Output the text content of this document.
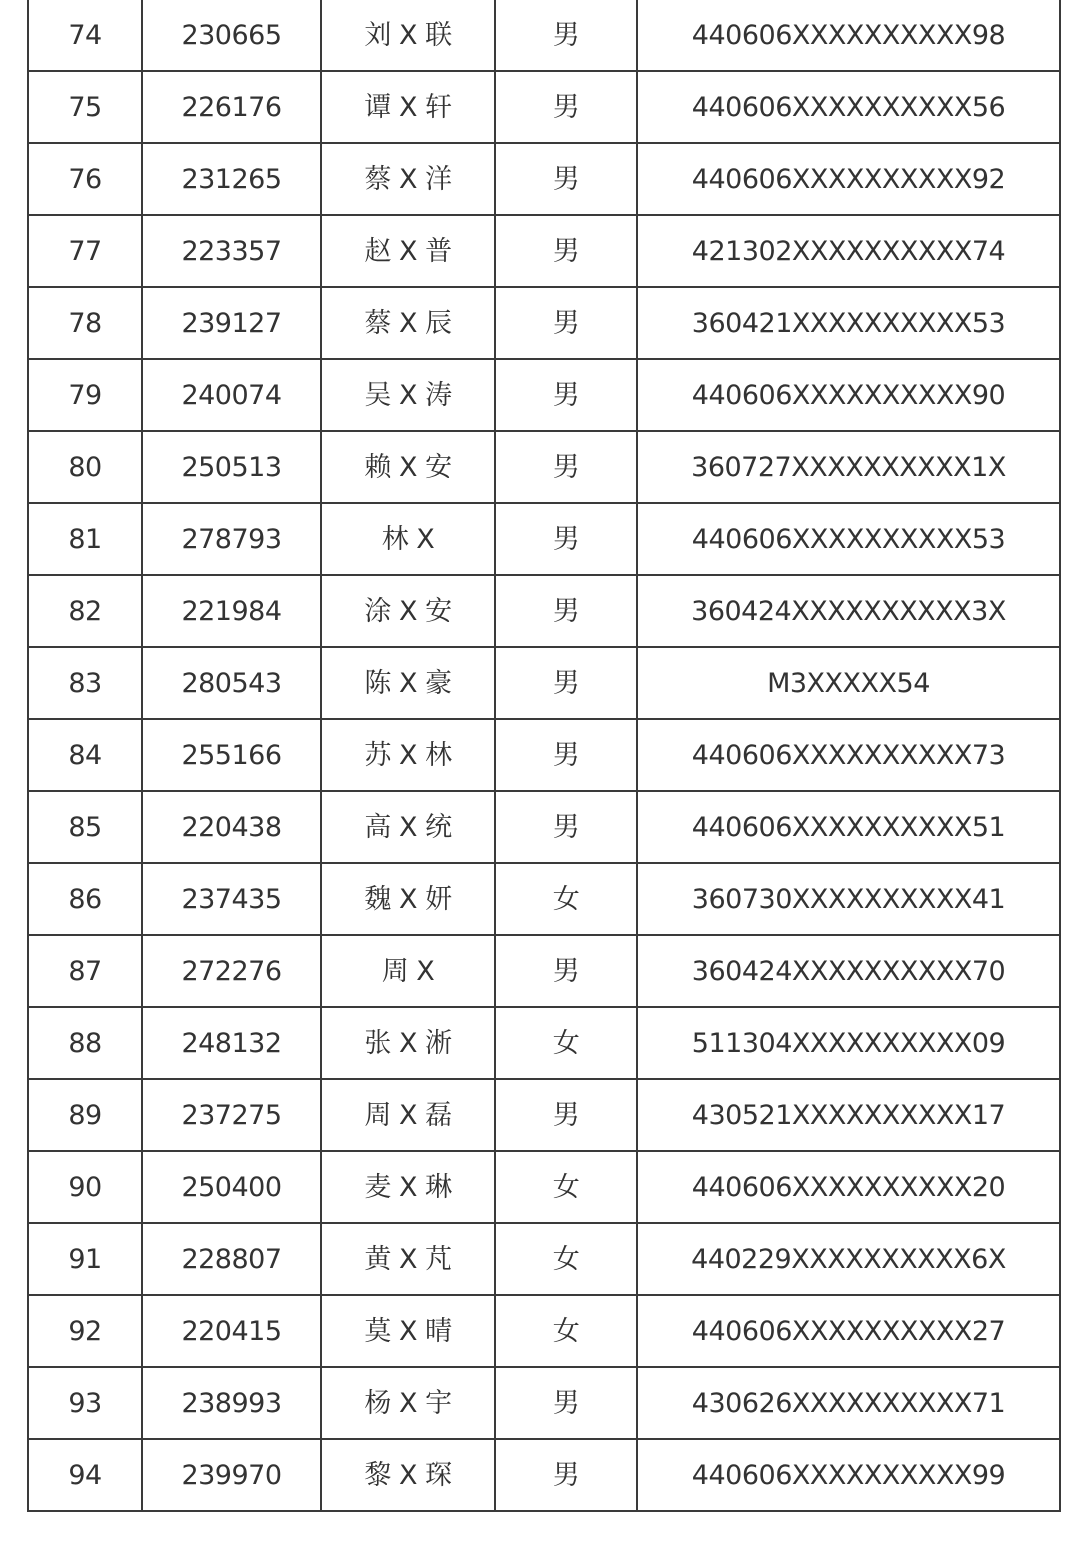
74	230665	刘 X 联	男	440606XXXXXXXXXX98
75	226176	谭 X 轩	男	440606XXXXXXXXXX56
76	231265	蔡 X 洋	男	440606XXXXXXXXXX92
77	223357	赵 X 普	男	421302XXXXXXXXXX74
78	239127	蔡 X 辰	男	360421XXXXXXXXXX53
79	240074	吴 X 涛	男	440606XXXXXXXXXX90
80	250513	赖 X 安	男	360727XXXXXXXXXX1X
81	278793	林 X	男	440606XXXXXXXXXX53
82	221984	涂 X 安	男	360424XXXXXXXXXX3X
83	280543	陈 X 豪	男	M3XXXXX54
84	255166	苏 X 林	男	440606XXXXXXXXXX73
85	220438	高 X 统	男	440606XXXXXXXXXX51
86	237435	魏 X 妍	女	360730XXXXXXXXXX41
87	272276	周 X	男	360424XXXXXXXXXX70
88	248132	张 X 淅	女	511304XXXXXXXXXX09
89	237275	周 X 磊	男	430521XXXXXXXXXX17
90	250400	麦 X 琳	女	440606XXXXXXXXXX20
91	228807	黄 X 芃	女	440229XXXXXXXXXX6X
92	220415	莫 X 晴	女	440606XXXXXXXXXX27
93	238993	杨 X 宇	男	430626XXXXXXXXXX71
94	239970	黎 X 琛	男	440606XXXXXXXXXX99
